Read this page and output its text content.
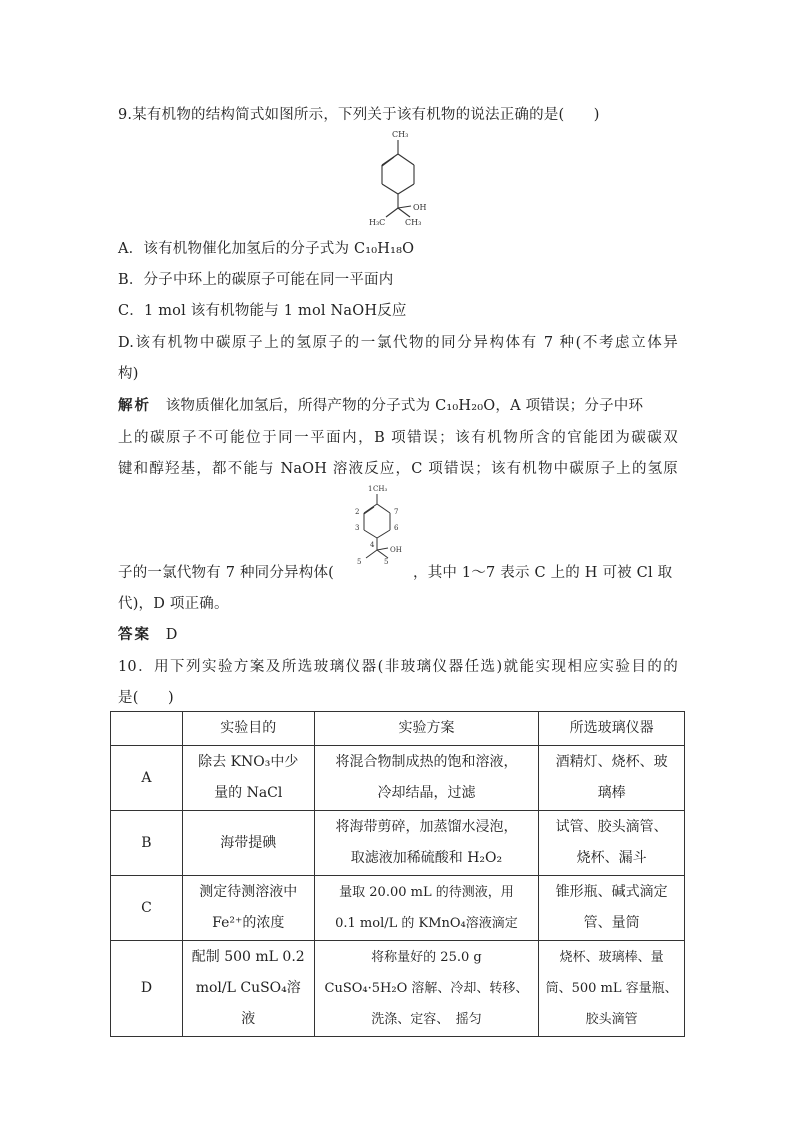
9.某有机物的结构简式如图所示，下列关于该有机物的说法正确的是(　　)
CH₃
H₃C CH₃
OH
A．该有机物催化加氢后的分子式为 C₁₀H₁₈O
B．分子中环上的碳原子可能在同一平面内
C．1 mol 该有机物能与 1 mol NaOH反应
D.该有机物中碳原子上的氢原子的一氯代物的同分异构体有 7 种(不考虑立体异
构)
解析　 该物质催化加氢后，所得产物的分子式为 C₁₀H₂₀O，A 项错误；分子中环
上的碳原子不可能位于同一平面内，B 项错误；该有机物所含的官能团为碳碳双
键和醇羟基，都不能与 NaOH 溶液反应，C 项错误；该有机物中碳原子上的氢原
1 CH₃
2	7
3	6
4
OH
5	5
子的一氯代物有 7 种同分异构体(	，其中 1～7 表示 C 上的 H 可被 Cl 取
代)，D 项正确。
答案　 D
10．用下列实验方案及所选玻璃仪器(非玻璃仪器任选)就能实现相应实验目的的
是(　　)
	实验目的	实验方案	所选玻璃仪器
A	除去 KNO₃中少
量的 NaCl	将混合物制成热的饱和溶液，
冷却结晶，过滤	酒精灯、烧杯、玻
璃棒

B	海带提碘	将海带剪碎，加蒸馏水浸泡，
取滤液加稀硫酸和 H₂O₂	试管、胶头滴管、
烧杯、漏斗

C	测定待测溶液中
Fe²⁺的浓度	量取 20.00 mL 的待测液，用
0.1 mol/L 的 KMnO₄溶液滴定	锥形瓶、碱式滴定
管、量筒

D	配制 500 mL 0.2
mol/L CuSO₄溶
液	将称量好的 25.0 g
CuSO₄·5H₂O 溶解、冷却、转移、
洗涤、定容、　摇匀	烧杯、玻璃棒、量
筒、500 mL 容量瓶、
胶头滴管
